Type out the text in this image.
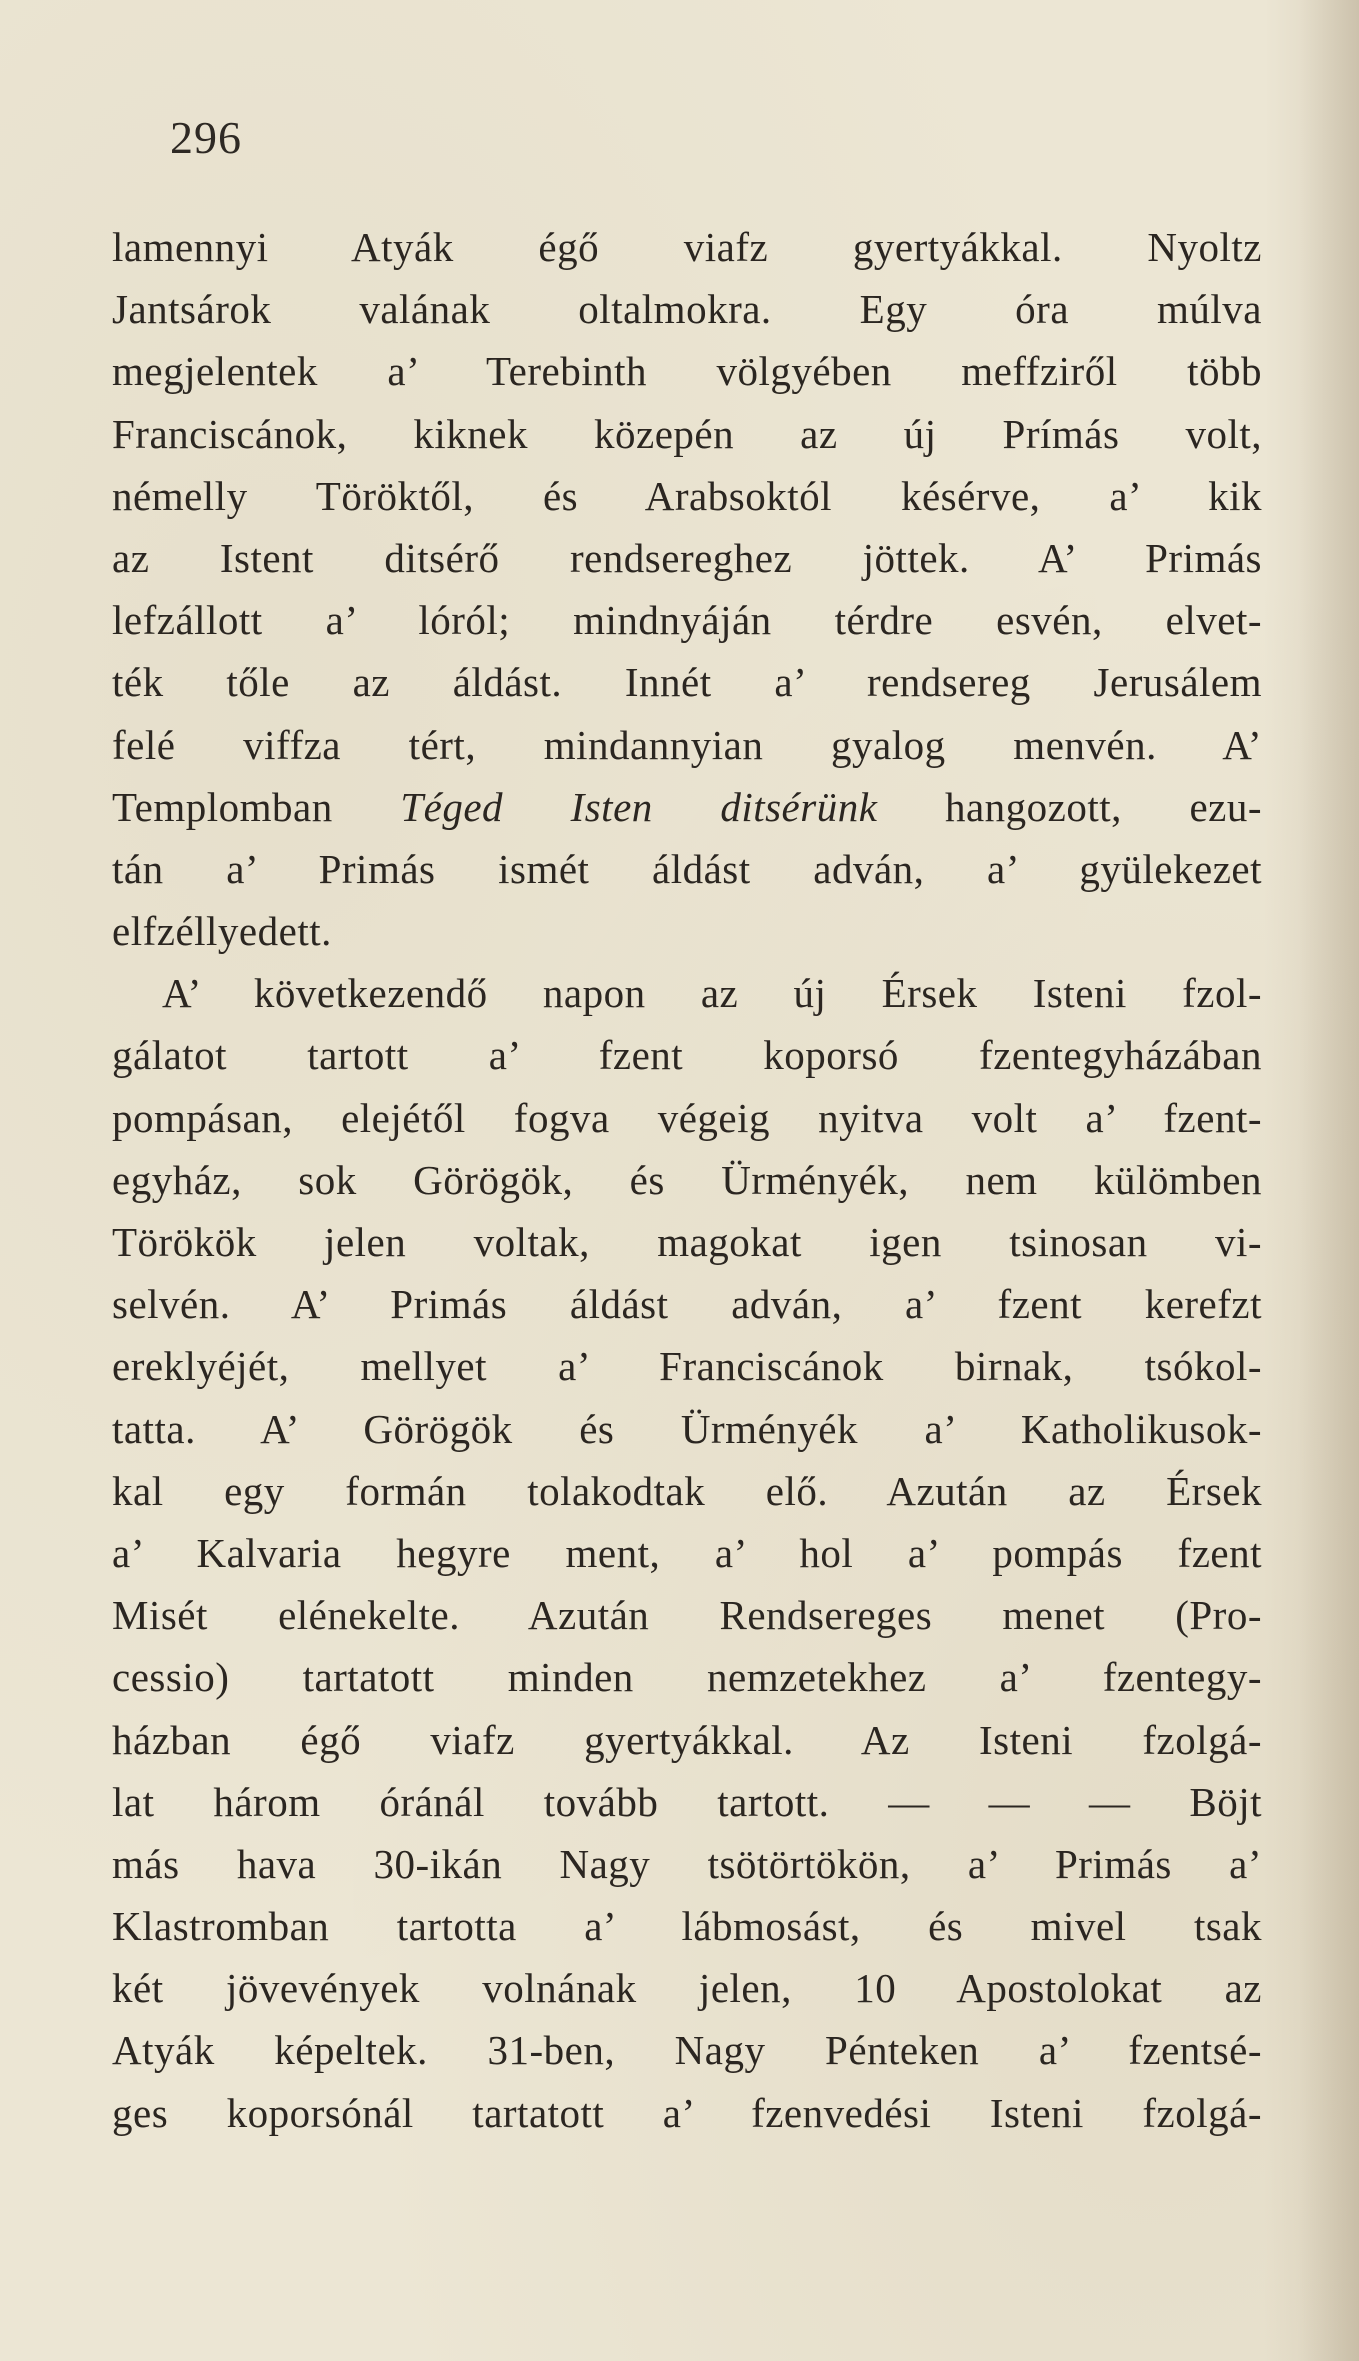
296
lamennyi Atyák égő viafz gyertyákkal. Nyoltz
Jantsárok valának oltalmokra. Egy óra múlva
megjelentek a’ Terebinth völgyében meffziről több
Franciscánok, kiknek közepén az új Prímás volt,
némelly Töröktől, és Arabsoktól késérve, a’ kik
az Istent ditsérő rendsereghez jöttek. A’ Primás
lefzállott a’ lóról; mindnyáján térdre esvén, elvet-
ték tőle az áldást. Innét a’ rendsereg Jerusálem
felé viffza tért, mindannyian gyalog menvén. A’
Templomban Téged Isten ditsérünk hangozott, ezu-
tán a’ Primás ismét áldást adván, a’ gyülekezet
elfzéllyedett.
A’ következendő napon az új Érsek Isteni fzol-
gálatot tartott a’ fzent koporsó fzentegyházában
pompásan, elejétől fogva végeig nyitva volt a’ fzent-
egyház, sok Görögök, és Ürményék, nem külömben
Törökök jelen voltak, magokat igen tsinosan vi-
selvén. A’ Primás áldást adván, a’ fzent kerefzt
ereklyéjét, mellyet a’ Franciscánok birnak, tsókol-
tatta. A’ Görögök és Ürményék a’ Katholikusok-
kal egy formán tolakodtak elő. Azután az Érsek
a’ Kalvaria hegyre ment, a’ hol a’ pompás fzent
Misét elénekelte. Azután Rendsereges menet (Pro-
cessio) tartatott minden nemzetekhez a’ fzentegy-
házban égő viafz gyertyákkal. Az Isteni fzolgá-
lat három óránál tovább tartott. — — — Böjt
más hava 30-ikán Nagy tsötörtökön, a’ Primás a’
Klastromban tartotta a’ lábmosást, és mivel tsak
két jövevények volnának jelen, 10 Apostolokat az
Atyák képeltek. 31-ben, Nagy Pénteken a’ fzentsé-
ges koporsónál tartatott a’ fzenvedési Isteni fzolgá-
